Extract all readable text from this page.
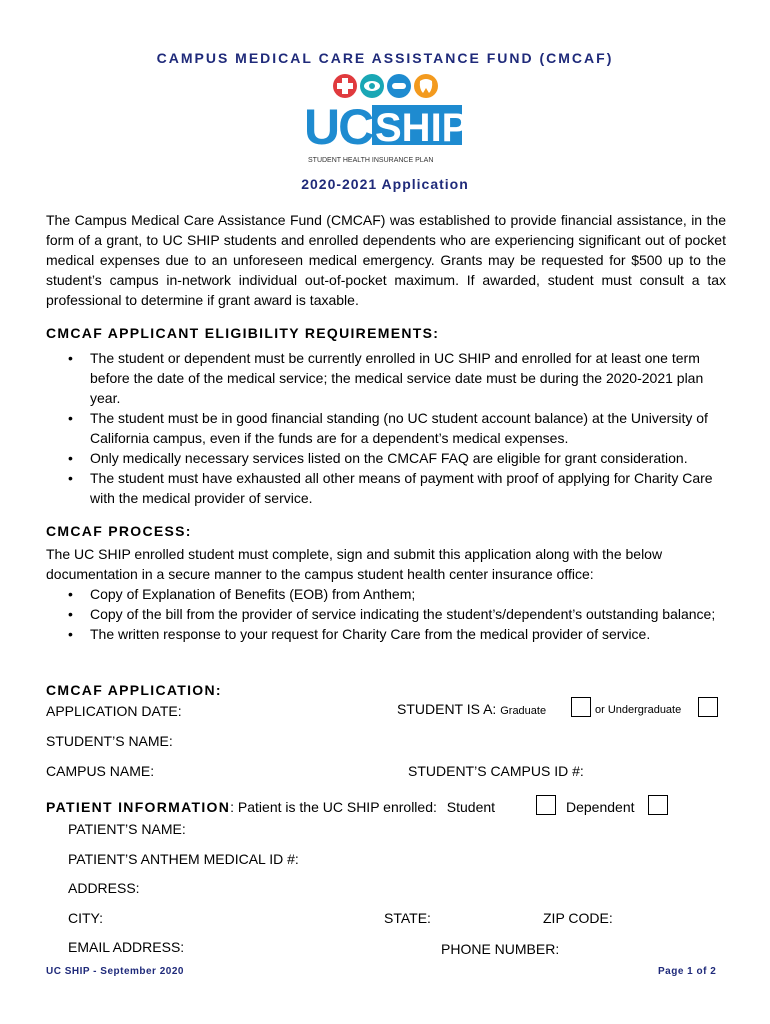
CAMPUS MEDICAL CARE ASSISTANCE FUND (CMCAF)
UC SHIP
STUDENT HEALTH INSURANCE PLAN
2020-2021 Application
The Campus Medical Care Assistance Fund (CMCAF) was established to provide financial assistance, in the form of a grant, to UC SHIP students and enrolled dependents who are experiencing significant out of pocket medical expenses due to an unforeseen medical emergency. Grants may be requested for $500 up to the student’s campus in-network individual out-of-pocket maximum. If awarded, student must consult a tax professional to determine if grant award is taxable.
CMCAF APPLICANT ELIGIBILITY REQUIREMENTS:
• The student or dependent must be currently enrolled in UC SHIP and enrolled for at least one term before the date of the medical service; the medical service date must be during the 2020-2021 plan year.
• The student must be in good financial standing (no UC student account balance) at the University of California campus, even if the funds are for a dependent’s medical expenses.
• Only medically necessary services listed on the CMCAF FAQ are eligible for grant consideration.
• The student must have exhausted all other means of payment with proof of applying for Charity Care with the medical provider of service.
CMCAF PROCESS:
The UC SHIP enrolled student must complete, sign and submit this application along with the below documentation in a secure manner to the campus student health center insurance office:
• Copy of Explanation of Benefits (EOB) from Anthem;
• Copy of the bill from the provider of service indicating the student’s/dependent’s outstanding balance;
• The written response to your request for Charity Care from the medical provider of service.
CMCAF APPLICATION:
APPLICATION DATE:	STUDENT IS A: Graduate	or Undergraduate
STUDENT’S NAME:
CAMPUS NAME:	STUDENT’S CAMPUS ID #:
PATIENT INFORMATION: Patient is the UC SHIP enrolled: Student	Dependent
PATIENT’S NAME:
PATIENT’S ANTHEM MEDICAL ID #:
ADDRESS:
CITY:	STATE:	ZIP CODE:
EMAIL ADDRESS:	PHONE NUMBER:
UC SHIP - September 2020	Page 1 of 2
